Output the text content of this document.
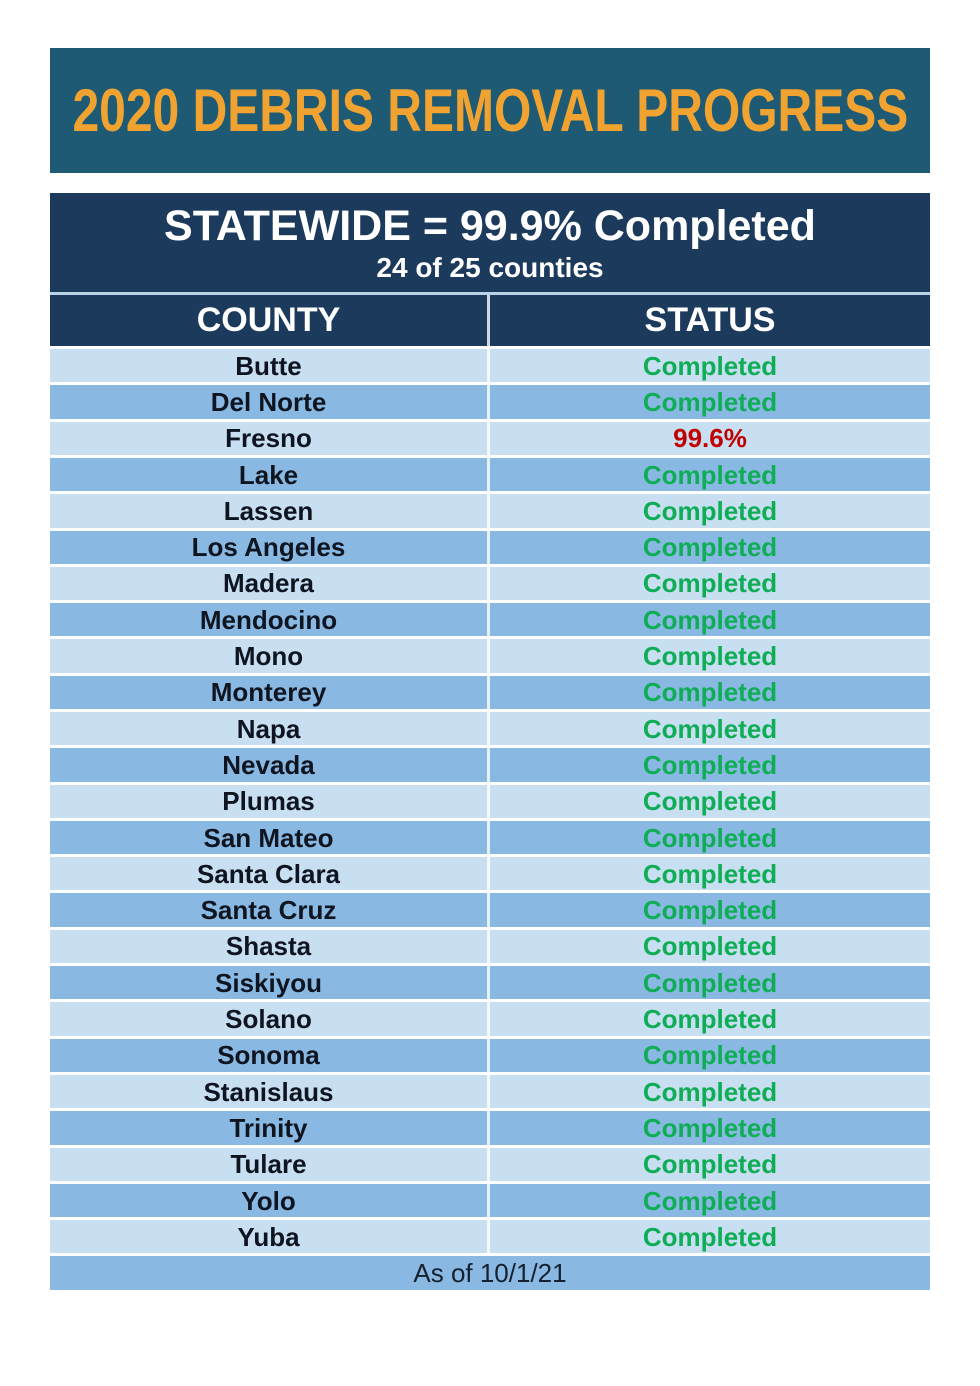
2020 DEBRIS REMOVAL PROGRESS
STATEWIDE = 99.9% Completed
24 of 25 counties
COUNTY	STATUS
Butte	Completed
Del Norte	Completed
Fresno	99.6%
Lake	Completed
Lassen	Completed
Los Angeles	Completed
Madera	Completed
Mendocino	Completed
Mono	Completed
Monterey	Completed
Napa	Completed
Nevada	Completed
Plumas	Completed
San Mateo	Completed
Santa Clara	Completed
Santa Cruz	Completed
Shasta	Completed
Siskiyou	Completed
Solano	Completed
Sonoma	Completed
Stanislaus	Completed
Trinity	Completed
Tulare	Completed
Yolo	Completed
Yuba	Completed
As of 10/1/21
